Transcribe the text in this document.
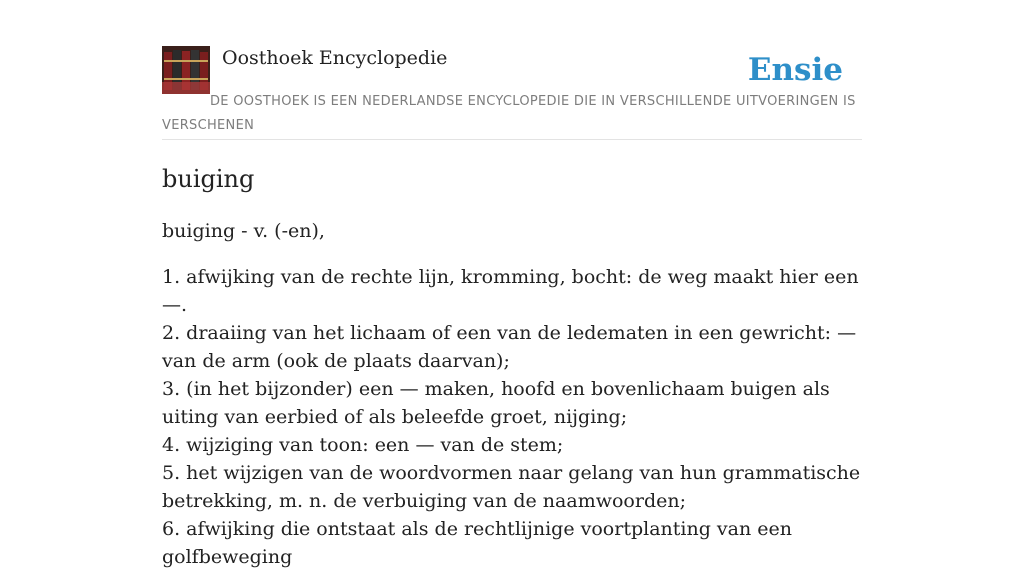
Oosthoek Encyclopedie	Ensie
DE OOSTHOEK IS EEN NEDERLANDSE ENCYCLOPEDIE DIE IN VERSCHILLENDE UITVOERINGEN IS VERSCHENEN
buiging

buiging - v. (-en),

1. afwijking van de rechte lijn, kromming, bocht: de weg maakt hier een —.
2. draaiing van het lichaam of een van de ledematen in een gewricht: — van de arm (ook de plaats daarvan);
3. (in het bijzonder) een — maken, hoofd en bovenlichaam buigen als uiting van eerbied of als beleefde groet, nijging;
4. wijziging van toon: een — van de stem;
5. het wijzigen van de woordvormen naar gelang van hun grammatische betrekking, m. n. de verbuiging van de naamwoorden;
6. afwijking die ontstaat als de rechtlijnige voortplanting van een golfbeweging
